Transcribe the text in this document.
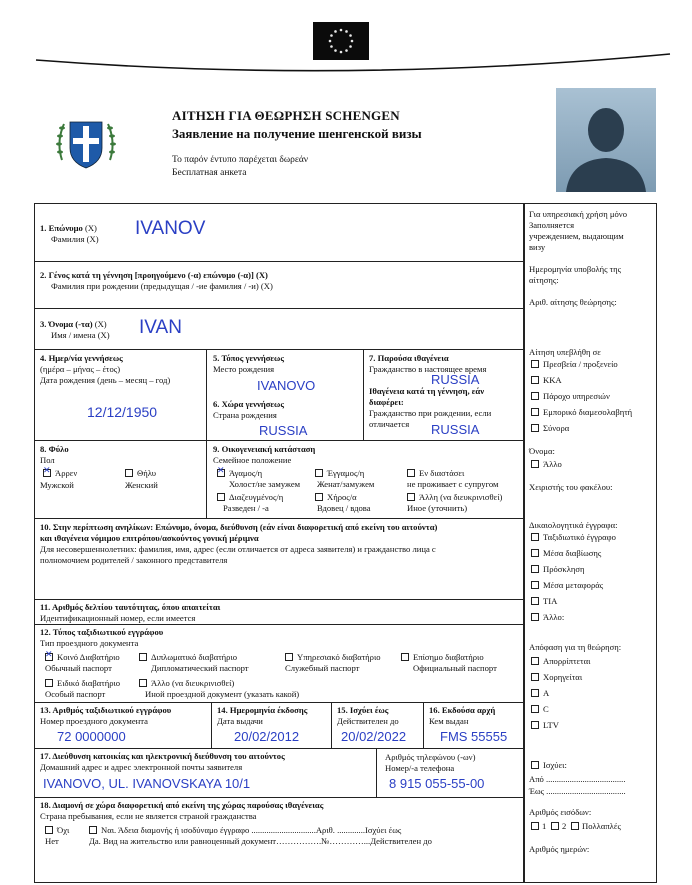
ΑΙΤΗΣΗ ΓΙΑ ΘΕΩΡΗΣΗ SCHENGEN
Заявление на получение шенгенской визы
Το παρόν έντυπο παρέχεται δωρεάν
Бесплатная анкета
1. Επώνυμο (Χ)
Фамилия (Х) IVANOV
2. Γένος κατά τη γέννηση [προηγούμενο (-α) επώνυμο (-α)] (Χ)
Фамилия при рождении (предыдущая / -ие фамилия / -и) (Х)
3. Όνομα (-τα) (Χ)
Имя / имена (Х) IVAN
4. Ημερ/νία γεννήσεως
(ημέρα – μήνας – έτος)
Дата рождения (день – месяц – год)
12/12/1950
5. Τόπος γεννήσεως
Место рождения
IVANOVO
6. Χώρα γεννήσεως
Страна рождения
RUSSIA
7. Παρούσα ιθαγένεια
Гражданство в настоящее время
RUSSIA
Ιθαγένεια κατά τη γέννηση, εάν
διαφέρει:
Гражданство при рождении, если
отличается RUSSIA
8. Φύλο
Пол
✕
Άρρεν
Мужской
Θήλυ
Женский
9. Οικογενειακή κατάσταση
Семейное положение
✕
Άγαμος/η
Холост/не замужем
Έγγαμος/η
Женат/замужем
Εν διαστάσει
не проживает с супругом
Διαζευγμένος/η
Разведен / -а
Χήρος/α
Вдовец / вдова
Άλλη (να διευκρινισθεί)
Иное (уточнить)
10. Στην περίπτωση ανηλίκων: Επώνυμο, όνομα, διεύθυνση (εάν είναι διαφορετική από εκείνη του αιτούντα)
και ιθαγένεια νόμιμου επιτρόπου/ασκούντος γονική μέριμνα
Для несовершеннолетних: фамилия, имя, адрес (если отличается от адреса заявителя) и гражданство лица с
полномочием родителей / законного представителя
11. Αριθμός δελτίου ταυτότητας, όπου απαιτείται
Идентификационный номер, если имеется
12. Τύπος ταξιδιωτικού εγγράφου
Тип проездного документа
✕
Κοινό Διαβατήριο
Обычный паспорт
Διπλωματικό διαβατήριο
Дипломатический паспорт
Υπηρεσιακό διαβατήριο
Служебный паспорт
Επίσημο διαβατήριο
Официальный паспорт
Ειδικό διαβατήριο
Особый паспорт
Άλλο (να διευκρινισθεί)
Иной проездной документ (указать какой)
13. Αριθμός ταξιδιωτικού εγγράφου
Номер проездного документа
72 0000000
14. Ημερομηνία έκδοσης
Дата выдачи
20/02/2012
15. Ισχύει έως
Действителен до
20/02/2022
16. Εκδούσα αρχή
Кем выдан
FMS 55555
17. Διεύθυνση κατοικίας και ηλεκτρονική διεύθυνση του αιτούντος
Домашний адрес и адрес электронной почты заявителя
IVANOVO, UL. IVANOVSKAYA 10/1
Αριθμός τηλεφώνου (-ων)
Номер/-а телефона
8 915 055-55-00
18. Διαμονή σε χώρα διαφορετική από εκείνη της χώρας παρούσας ιθαγένειας
Страна пребывания, если не является страной гражданства
Όχι	Ναι. Άδεια διαμονής ή ισοδύναμο έγγραφο ..............................Αριθ. .............Ισχύει έως
Нет	Да. Вид на жительство или равноценный документ…………….№…………...Действителен до
Για υπηρεσιακή χρήση μόνο
Заполняется
учреждением, выдающим
визу
Ημερομηνία υποβολής της
αίτησης:
Αριθ. αίτησης θεώρησης:
Αίτηση υπεβλήθη σε
Πρεσβεία / προξενείο
ΚΚΑ
Πάροχο υπηρεσιών
Εμπορικό διαμεσολαβητή
Σύνορα
Όνομα:
Άλλο
Χειριστής του φακέλου:
Δικαιολογητικά έγγραφα:
Ταξιδιωτικό έγγραφο
Μέσα διαβίωσης
Πρόσκληση
Μέσα μεταφοράς
ΤΙΑ
Άλλο:
Απόφαση για τη θεώρηση:
Απορρίπτεται
Χορηγείται
Α
C
LTV
Ισχύει:
Από .....................................
Έως .....................................
Αριθμός εισόδων:
1 2 Πολλαπλές
Αριθμός ημερών:
